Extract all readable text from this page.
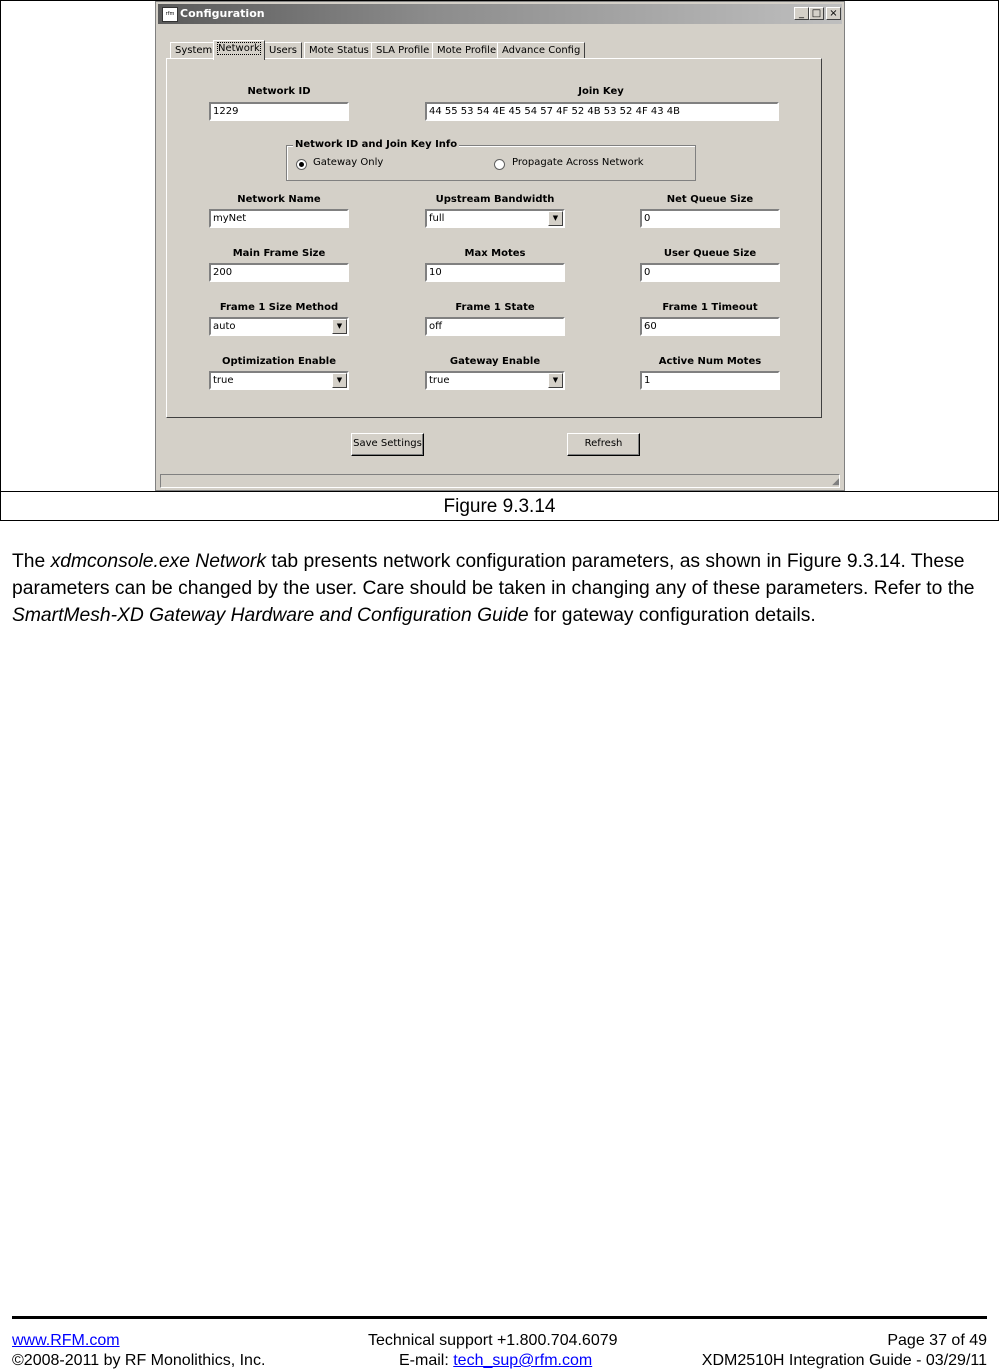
rfm Configuration	_ □ ×
System Network Users	Mote Status SLA Profile Mote Profile Advance Config
Network ID
1229
Join Key
44 55 53 54 4E 45 54 57 4F 52 4B 53 52 4F 43 4B
Network ID and Join Key Info
Gateway Only	Propagate Across Network
Network Name
myNet
Upstream Bandwidth
full	▼
Net Queue Size
0
Main Frame Size
200
Max Motes
10
User Queue Size
0
Frame 1 Size Method
auto	▼
Frame 1 State
off
Frame 1 Timeout
60
Optimization Enable
true	▼
Gateway Enable
true	▼
Active Num Motes
1
Save Settings	Refresh
◢
Figure 9.3.14

The xdmconsole.exe Network tab presents network configuration parameters, as shown in Figure 9.3.14. These parameters can be changed by the user. Care should be taken in changing any of these parameters. Refer to the SmartMesh-XD Gateway Hardware and Configuration Guide for gateway configuration details.

www.RFM.com
©2008-2011 by RF Monolithics, Inc.
Technical support +1.800.704.6079
E-mail: tech_sup@rfm.com
Page 37 of 49
XDM2510H Integration Guide - 03/29/11
